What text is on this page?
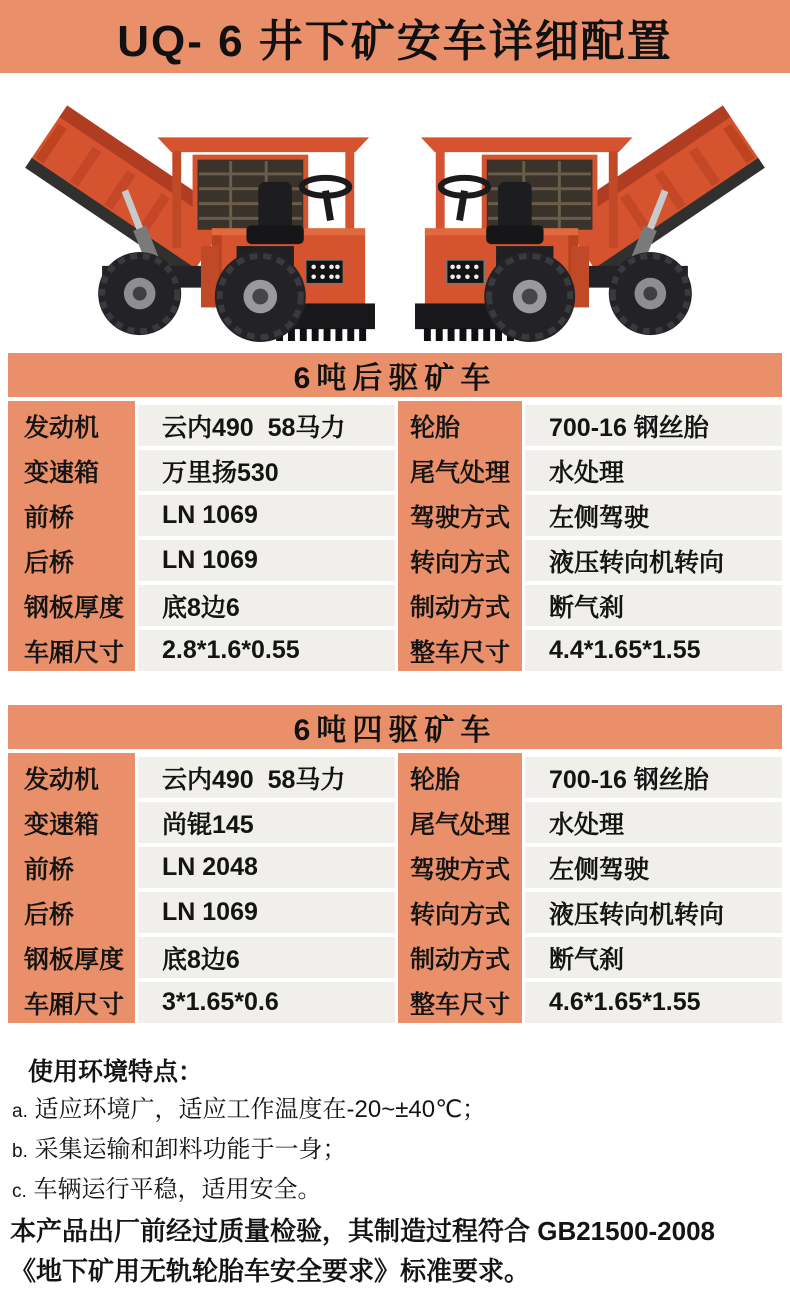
UQ- 6 井下矿安车详细配置
6吨后驱矿车
发动机	云内490  58马力	轮胎	700-16 钢丝胎
变速箱	万里扬530	尾气处理	水处理
前桥	LN 1069	驾驶方式	左侧驾驶
后桥	LN 1069	转向方式	液压转向机转向
钢板厚度	底8边6	制动方式	断气刹
车厢尺寸	2.8*1.6*0.55	整车尺寸	4.4*1.65*1.55
6吨四驱矿车
发动机	云内490  58马力	轮胎	700-16 钢丝胎
变速箱	尚锟145	尾气处理	水处理
前桥	LN 2048	驾驶方式	左侧驾驶
后桥	LN 1069	转向方式	液压转向机转向
钢板厚度	底8边6	制动方式	断气刹
车厢尺寸	3*1.65*0.6	整车尺寸	4.6*1.65*1.55
使用环境特点：
a. 适应环境广，适应工作温度在-20~±40℃；
b. 采集运输和卸料功能于一身；
c. 车辆运行平稳，适用安全。
本产品出厂前经过质量检验，其制造过程符合 GB21500-2008
《地下矿用无轨轮胎车安全要求》标准要求。
